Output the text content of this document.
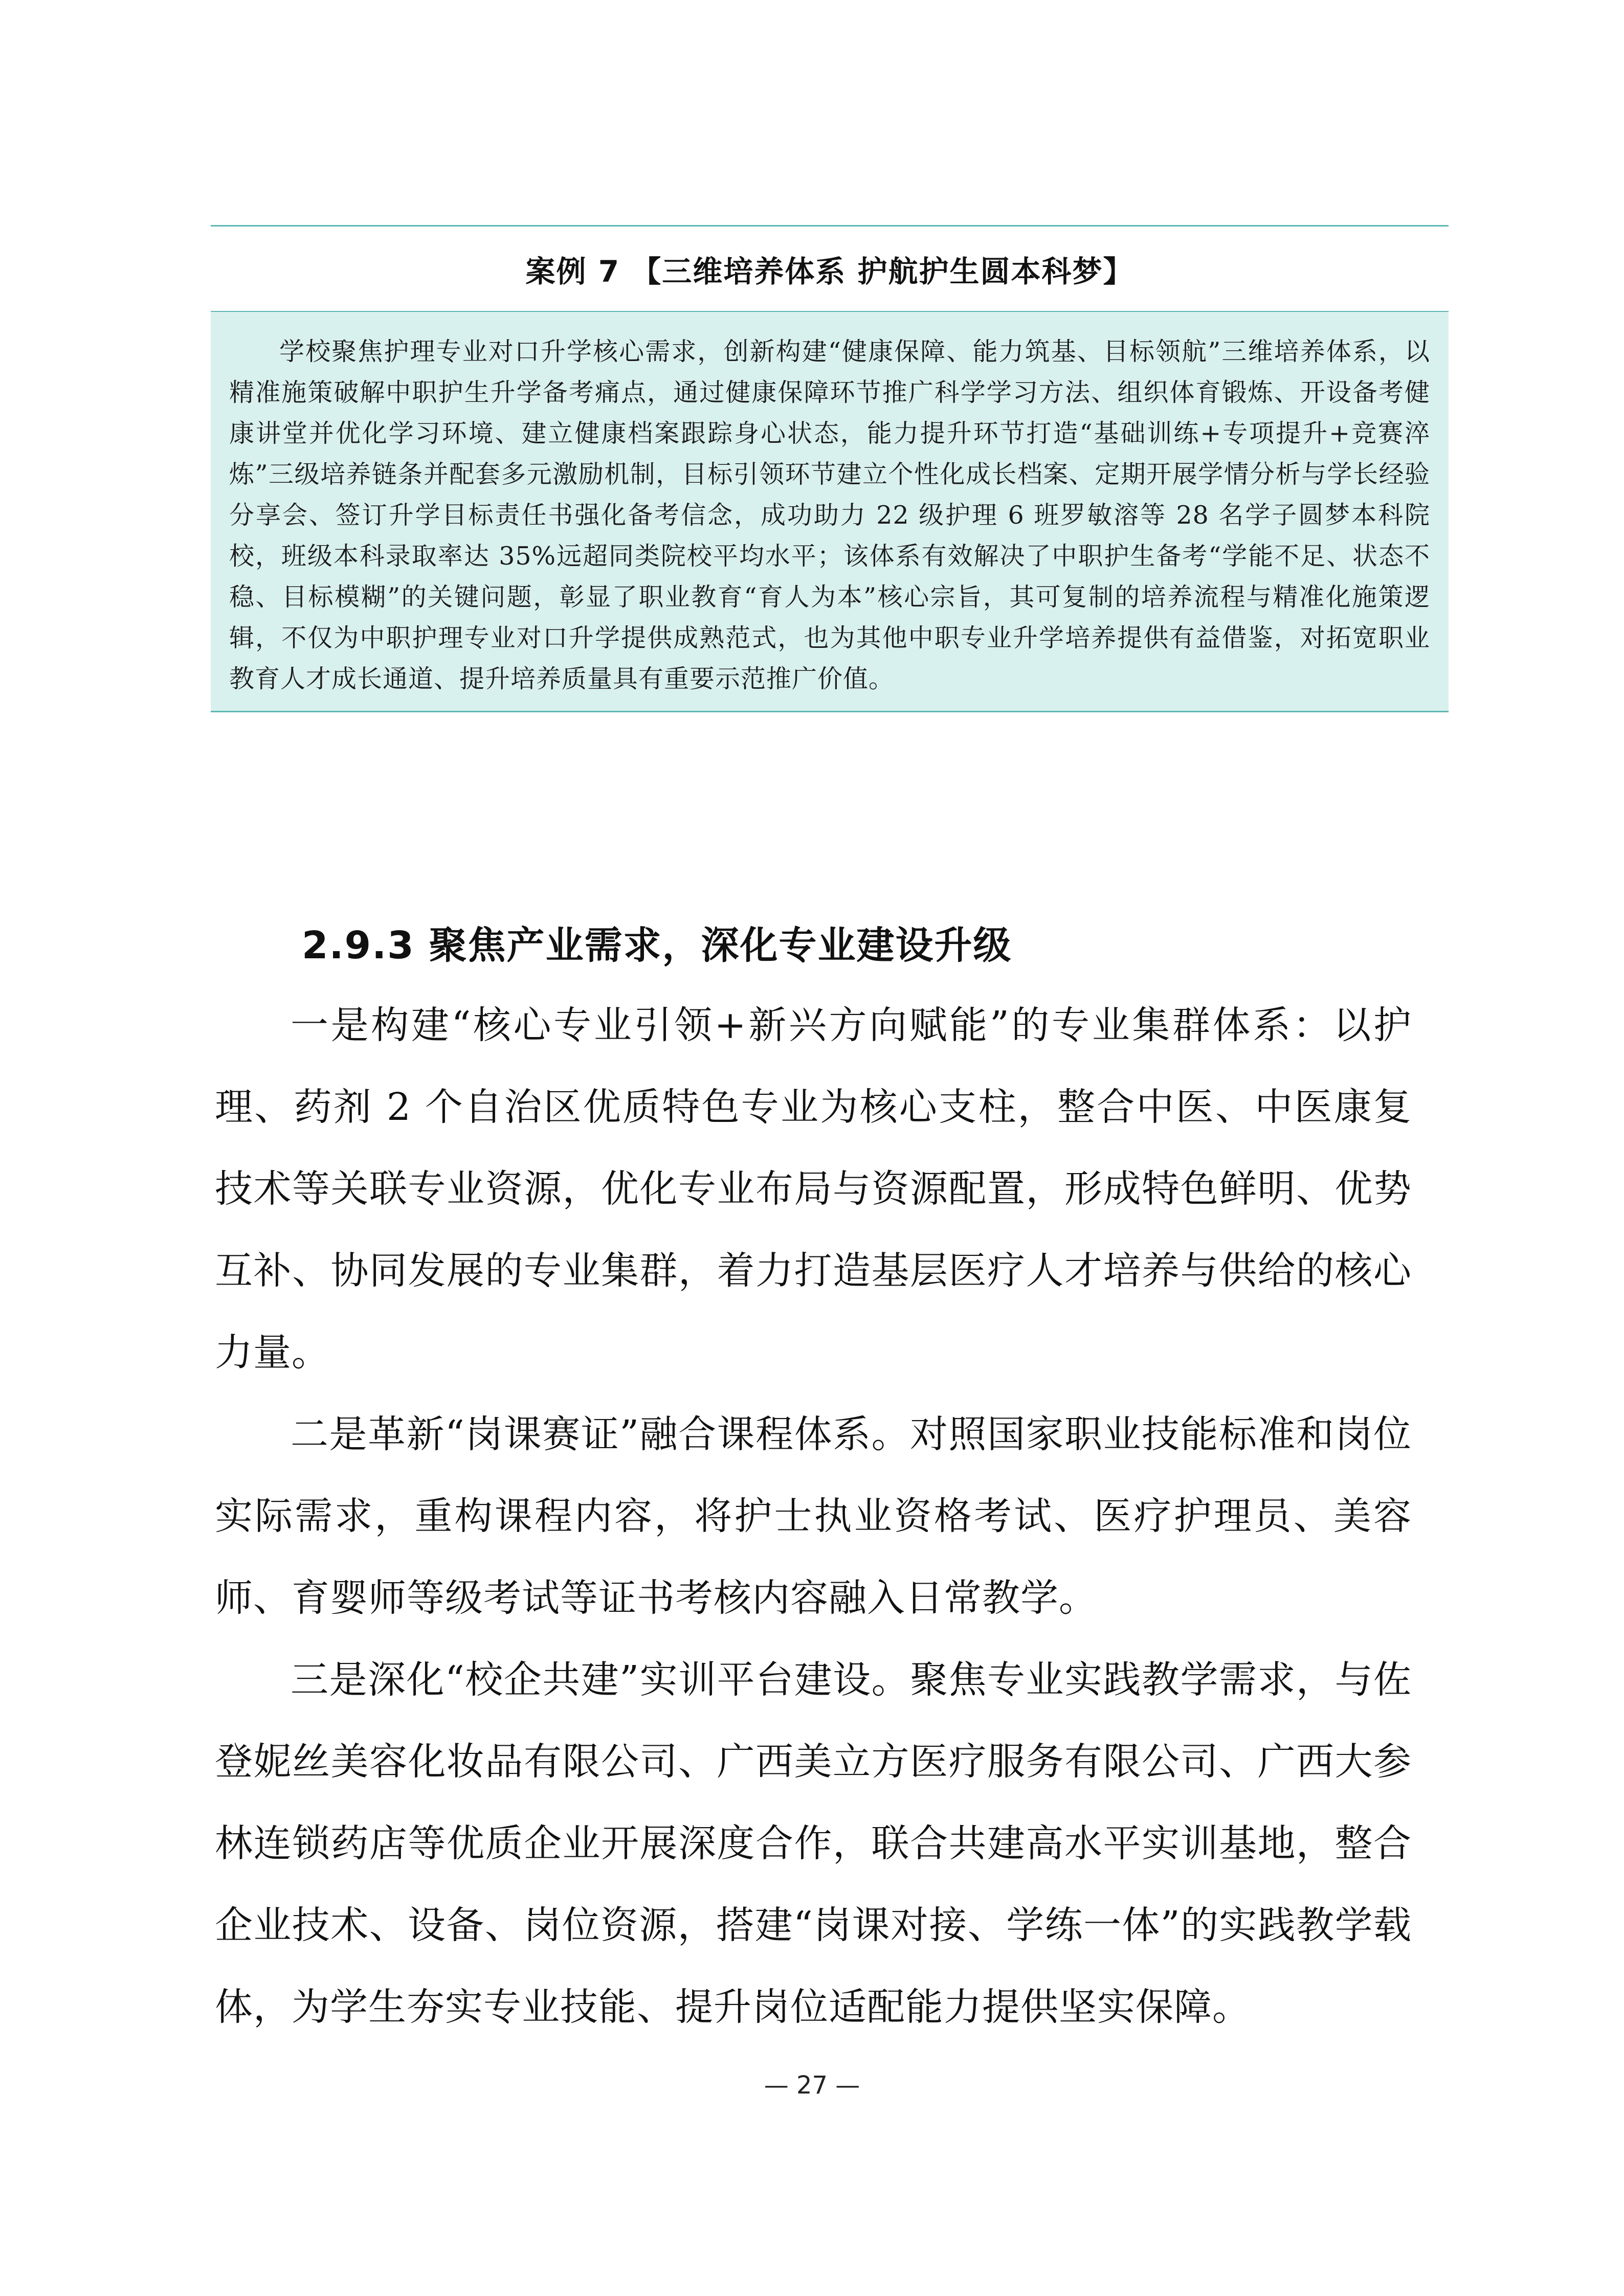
案例 7 【三维培养体系 护航护生圆本科梦】
学校聚焦护理专业对口升学核心需求，创新构建“健康保障、能力筑基、目标领航”三维培养体系，以精准施策破解中职护生升学备考痛点，通过健康保障环节推广科学学习方法、组织体育锻炼、开设备考健康讲堂并优化学习环境、建立健康档案跟踪身心状态，能力提升环节打造“基础训练+专项提升+竞赛淬炼”三级培养链条并配套多元激励机制，目标引领环节建立个性化成长档案、定期开展学情分析与学长经验分享会、签订升学目标责任书强化备考信念，成功助力 22 级护理 6 班罗敏溶等 28 名学子圆梦本科院校，班级本科录取率达 35%远超同类院校平均水平；该体系有效解决了中职护生备考“学能不足、状态不稳、目标模糊”的关键问题，彰显了职业教育“育人为本”核心宗旨，其可复制的培养流程与精准化施策逻辑，不仅为中职护理专业对口升学提供成熟范式，也为其他中职专业升学培养提供有益借鉴，对拓宽职业教育人才成长通道、提升培养质量具有重要示范推广价值。
2.9.3 聚焦产业需求，深化专业建设升级

一是构建“核心专业引领+新兴方向赋能”的专业集群体系：以护理、药剂 2 个自治区优质特色专业为核心支柱，整合中医、中医康复技术等关联专业资源，优化专业布局与资源配置，形成特色鲜明、优势互补、协同发展的专业集群，着力打造基层医疗人才培养与供给的核心力量。

二是革新“岗课赛证”融合课程体系。对照国家职业技能标准和岗位实际需求，重构课程内容，将护士执业资格考试、医疗护理员、美容师、育婴师等级考试等证书考核内容融入日常教学。

三是深化“校企共建”实训平台建设。聚焦专业实践教学需求，与佐登妮丝美容化妆品有限公司、广西美立方医疗服务有限公司、广西大参林连锁药店等优质企业开展深度合作，联合共建高水平实训基地，整合企业技术、设备、岗位资源，搭建“岗课对接、学练一体”的实践教学载体，为学生夯实专业技能、提升岗位适配能力提供坚实保障。

— 27 —
